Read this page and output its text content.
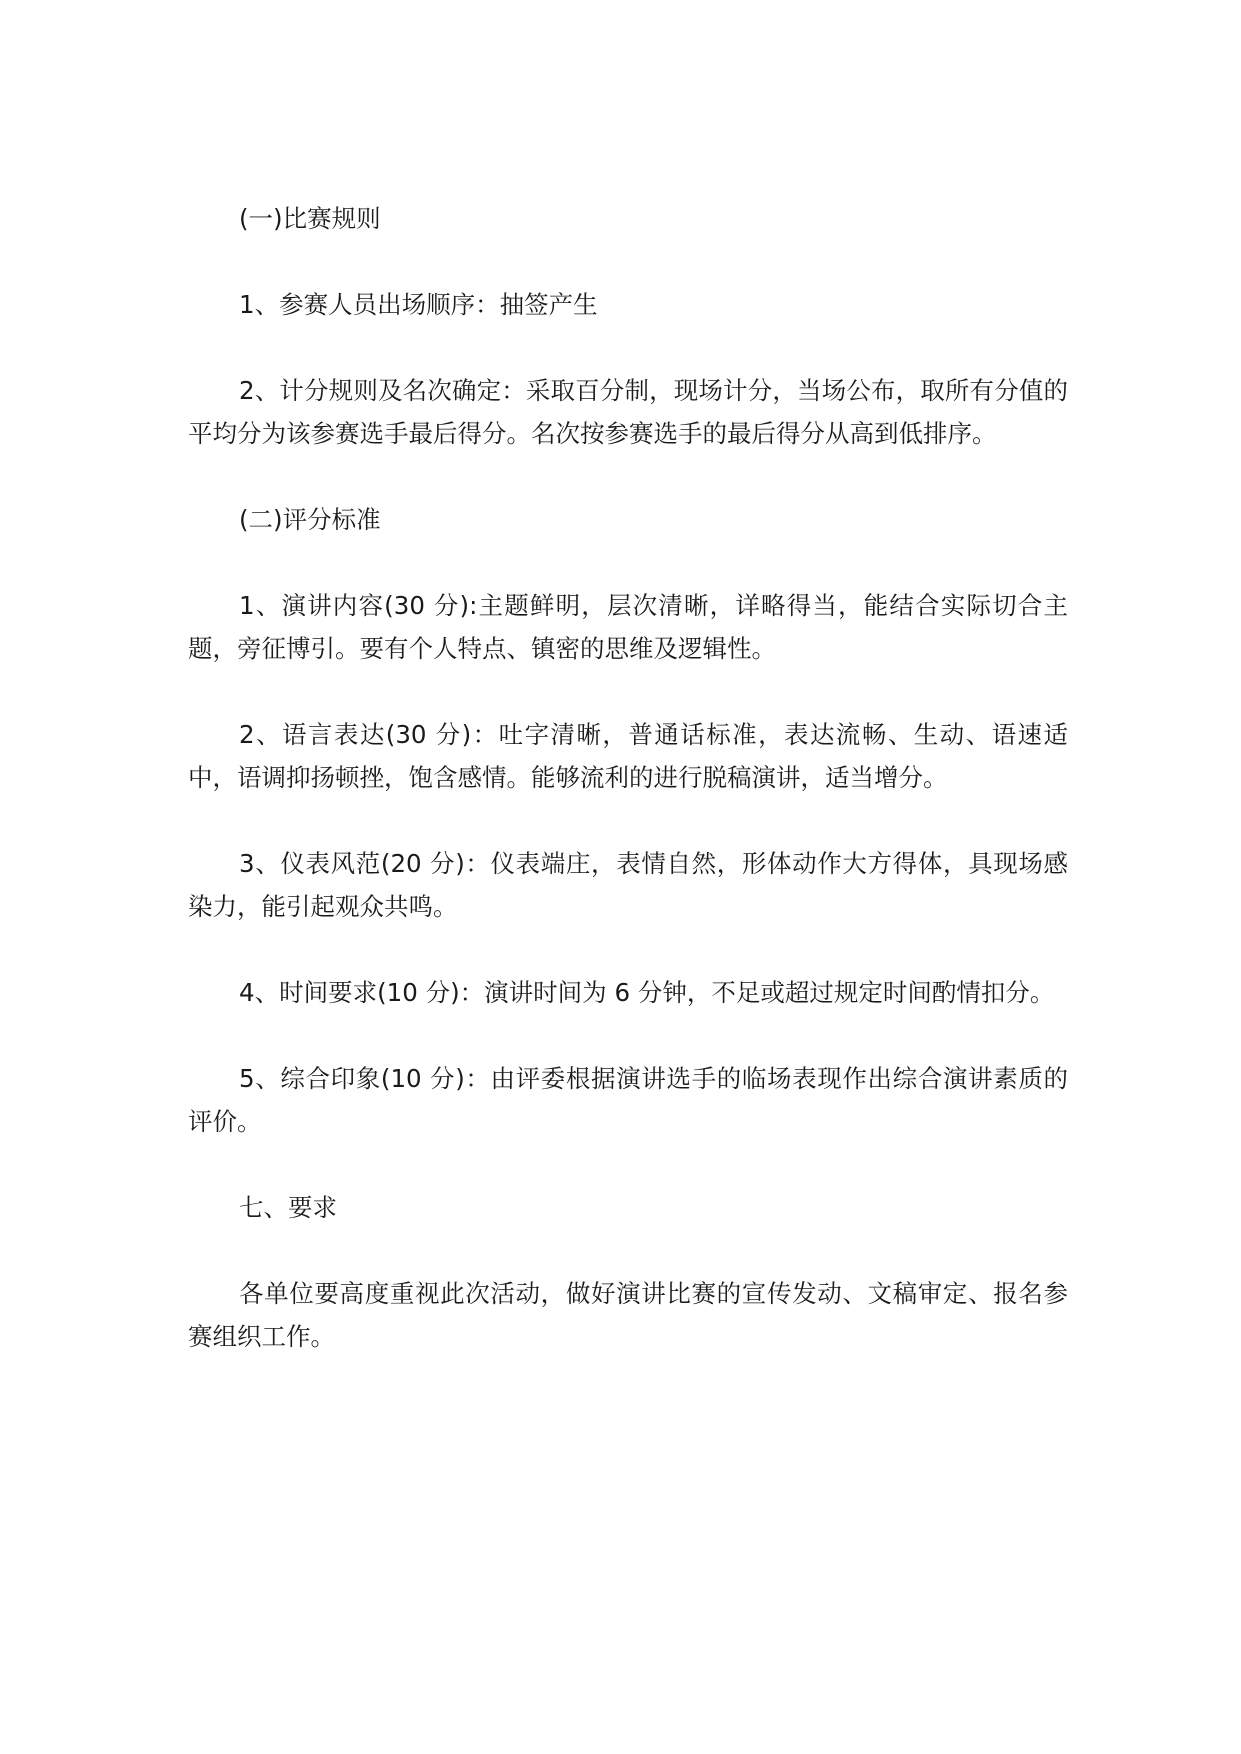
(一)比赛规则

1、参赛人员出场顺序：抽签产生

2、计分规则及名次确定：采取百分制，现场计分，当场公布，取所有分值的平均分为该参赛选手最后得分。名次按参赛选手的最后得分从高到低排序。

(二)评分标准

1、演讲内容(30 分):主题鲜明，层次清晰，详略得当，能结合实际切合主题，旁征博引。要有个人特点、镇密的思维及逻辑性。

2、语言表达(30 分)：吐字清晰，普通话标准，表达流畅、生动、语速适中，语调抑扬顿挫，饱含感情。能够流利的进行脱稿演讲，适当增分。

3、仪表风范(20 分)：仪表端庄，表情自然，形体动作大方得体，具现场感染力，能引起观众共鸣。

4、时间要求(10 分)：演讲时间为 6 分钟，不足或超过规定时间酌情扣分。

5、综合印象(10 分)：由评委根据演讲选手的临场表现作出综合演讲素质的评价。

七、要求

各单位要高度重视此次活动，做好演讲比赛的宣传发动、文稿审定、报名参赛组织工作。
